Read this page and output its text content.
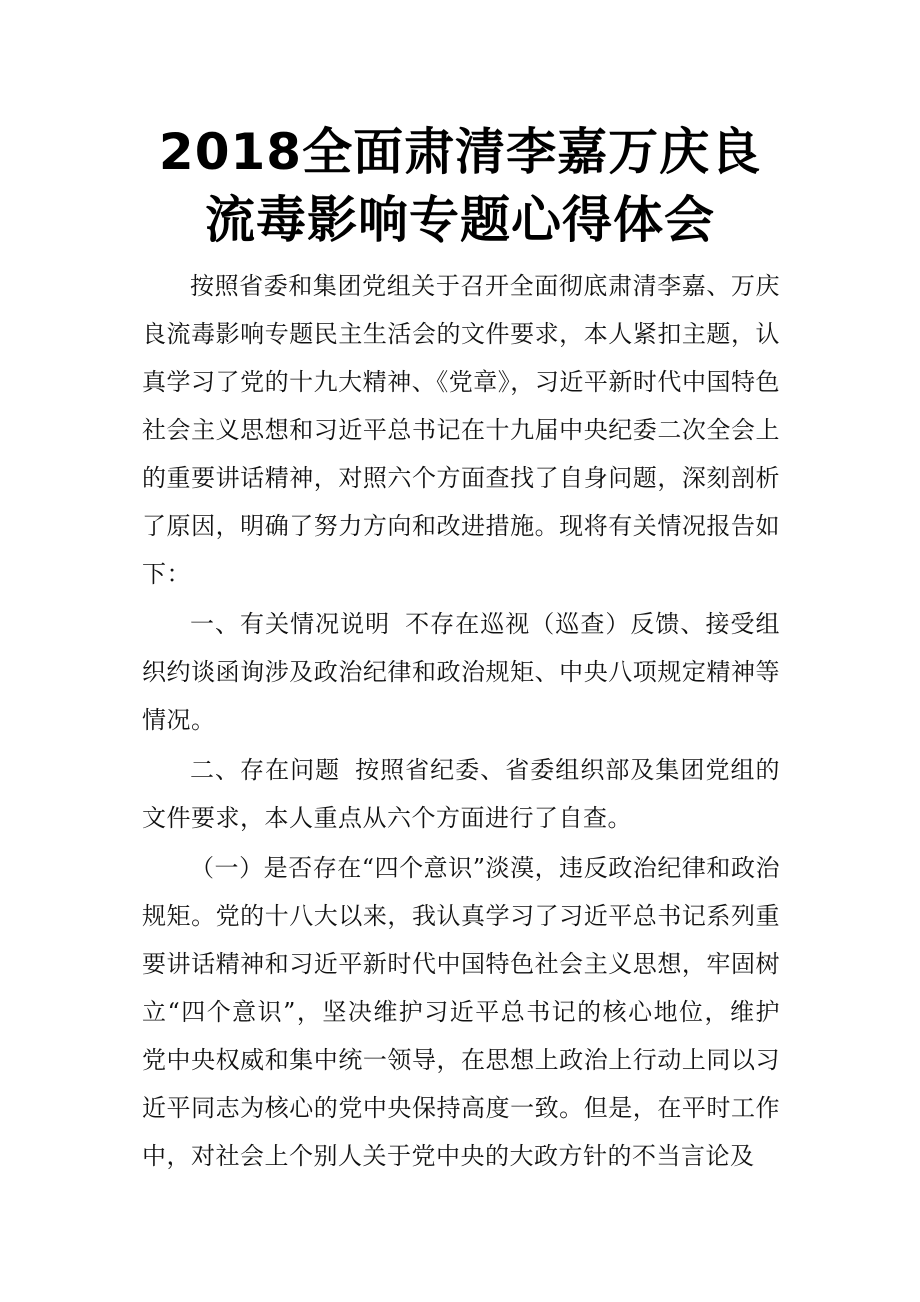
2018全面肃清李嘉万庆良
流毒影响专题心得体会

按照省委和集团党组关于召开全面彻底肃清李嘉、万庆良流毒影响专题民主生活会的文件要求，本人紧扣主题，认真学习了党的十九大精神、《党章》，习近平新时代中国特色社会主义思想和习近平总书记在十九届中央纪委二次全会上的重要讲话精神，对照六个方面查找了自身问题，深刻剖析了原因，明确了努力方向和改进措施。现将有关情况报告如下：

一、有关情况说明 不存在巡视（巡查）反馈、接受组织约谈函询涉及政治纪律和政治规矩、中央八项规定精神等情况。

二、存在问题 按照省纪委、省委组织部及集团党组的文件要求，本人重点从六个方面进行了自查。

（一）是否存在“四个意识”淡漠，违反政治纪律和政治规矩。党的十八大以来，我认真学习了习近平总书记系列重要讲话精神和习近平新时代中国特色社会主义思想，牢固树立“四个意识”，坚决维护习近平总书记的核心地位，维护党中央权威和集中统一领导，在思想上政治上行动上同以习近平同志为核心的党中央保持高度一致。但是，在平时工作中，对社会上个别人关于党中央的大政方针的不当言论及
